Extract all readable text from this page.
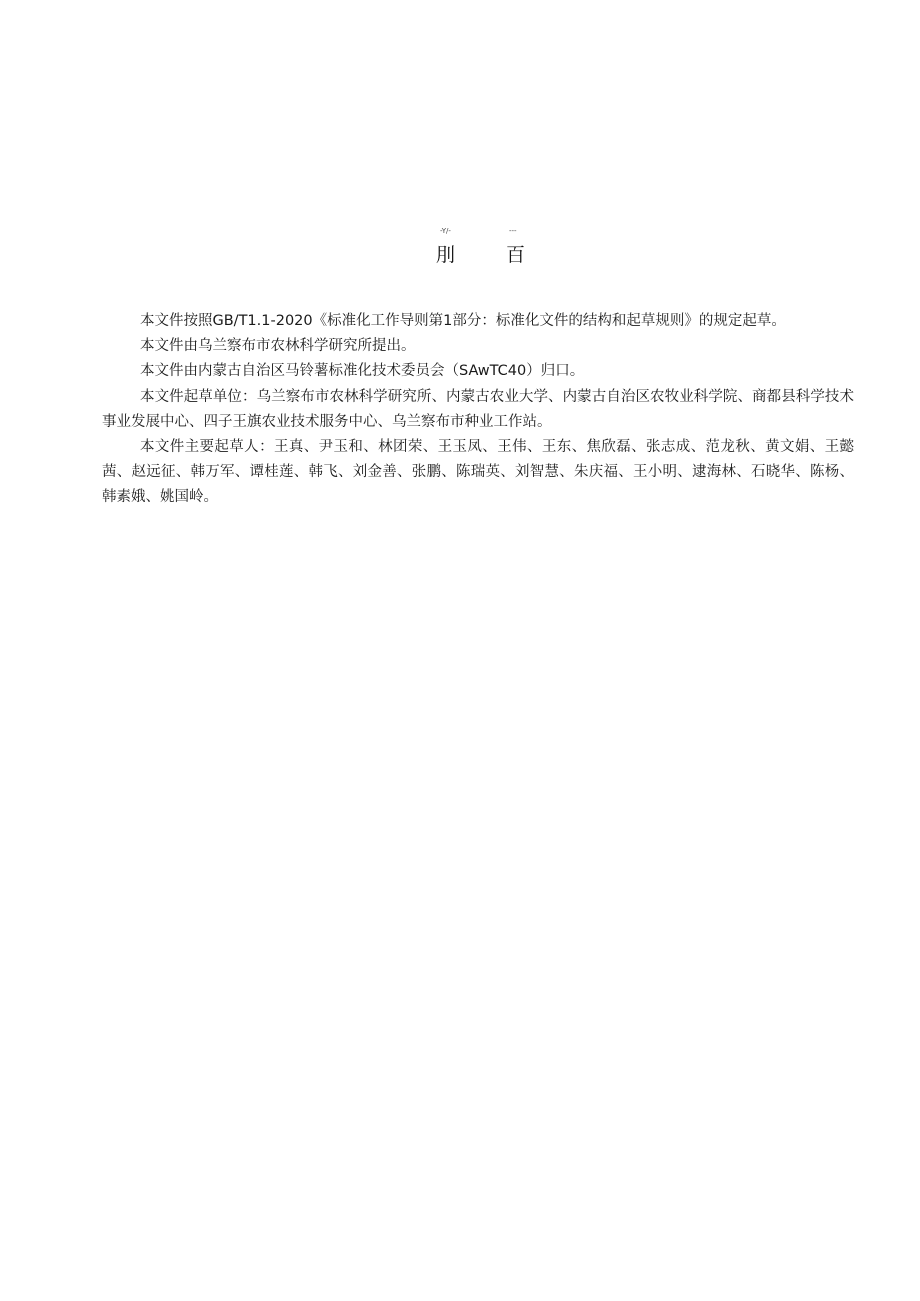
-Y/-	---
刖	百

本文件按照GB/T1.1-2020《标准化工作导则第1部分：标准化文件的结构和起草规则》的规定起草。

本文件由乌兰察布市农林科学研究所提出。

本文件由内蒙古自治区马铃薯标准化技术委员会（SAwTC40）归口。

本文件起草单位：乌兰察布市农林科学研究所、内蒙古农业大学、内蒙古自治区农牧业科学院、商都县科学技术事业发展中心、四子王旗农业技术服务中心、乌兰察布市种业工作站。

本文件主要起草人：王真、尹玉和、林团荣、王玉凤、王伟、王东、焦欣磊、张志成、范龙秋、黄文娟、王懿茜、赵远征、韩万军、谭桂莲、韩飞、刘金善、张鹏、陈瑞英、刘智慧、朱庆福、王小明、逮海林、石晓华、陈杨、韩素娥、姚国岭。
